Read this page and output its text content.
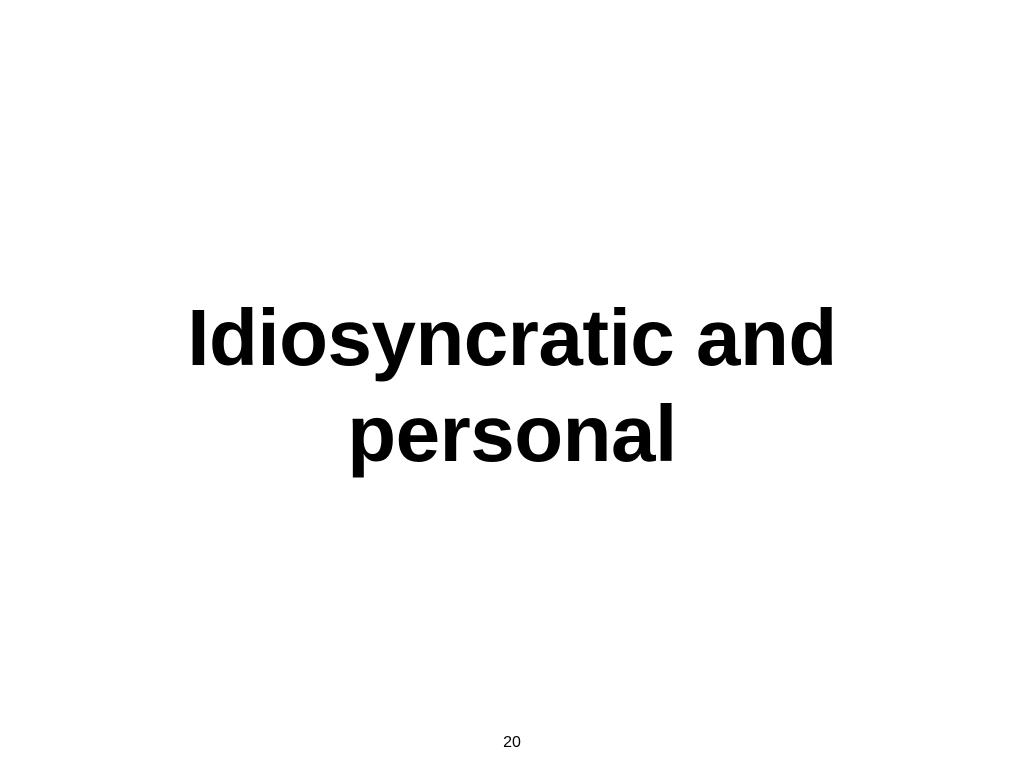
Idiosyncratic and
personal
20
